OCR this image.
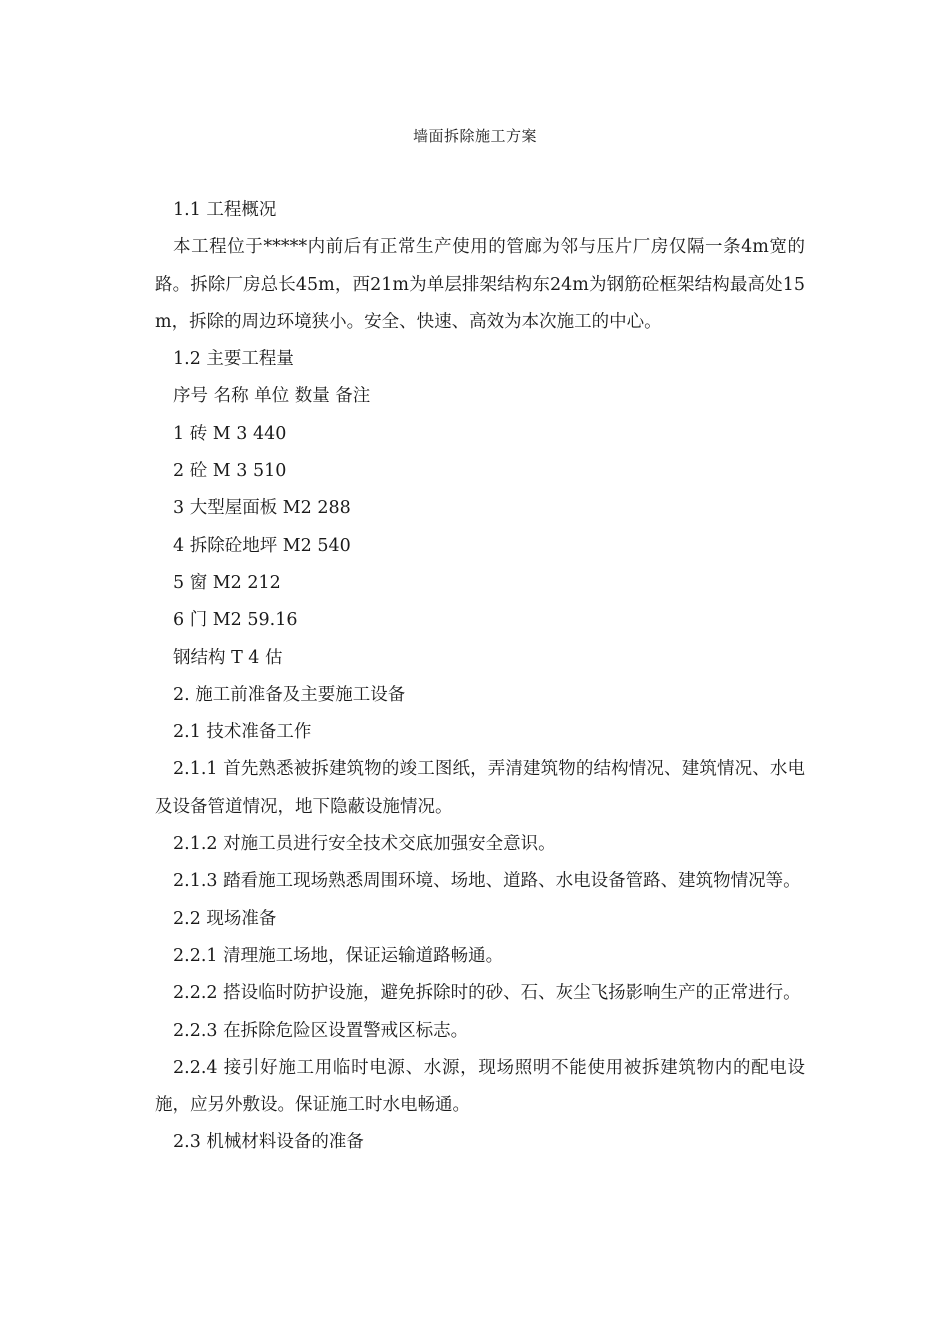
墙面拆除施工方案

1.1 工程概况

本工程位于*****内前后有正常生产使用的管廊为邻与压片厂房仅隔一条4m宽的路。拆除厂房总长45m，西21m为单层排架结构东24m为钢筋砼框架结构最高处15m，拆除的周边环境狭小。安全、快速、高效为本次施工的中心。

1.2 主要工程量

序号 名称 单位 数量 备注

1 砖 M 3 440

2 砼 M 3 510

3 大型屋面板 M2 288

4 拆除砼地坪 M2 540

5 窗 M2 212

6 门 M2 59.16

钢结构 T 4 估

2. 施工前准备及主要施工设备

2.1 技术准备工作

2.1.1 首先熟悉被拆建筑物的竣工图纸，弄清建筑物的结构情况、建筑情况、水电及设备管道情况，地下隐蔽设施情况。

2.1.2 对施工员进行安全技术交底加强安全意识。

2.1.3 踏看施工现场熟悉周围环境、场地、道路、水电设备管路、建筑物情况等。

2.2 现场准备

2.2.1 清理施工场地，保证运输道路畅通。

2.2.2 搭设临时防护设施，避免拆除时的砂、石、灰尘飞扬影响生产的正常进行。

2.2.3 在拆除危险区设置警戒区标志。

2.2.4 接引好施工用临时电源、水源，现场照明不能使用被拆建筑物内的配电设施，应另外敷设。保证施工时水电畅通。

2.3 机械材料设备的准备
